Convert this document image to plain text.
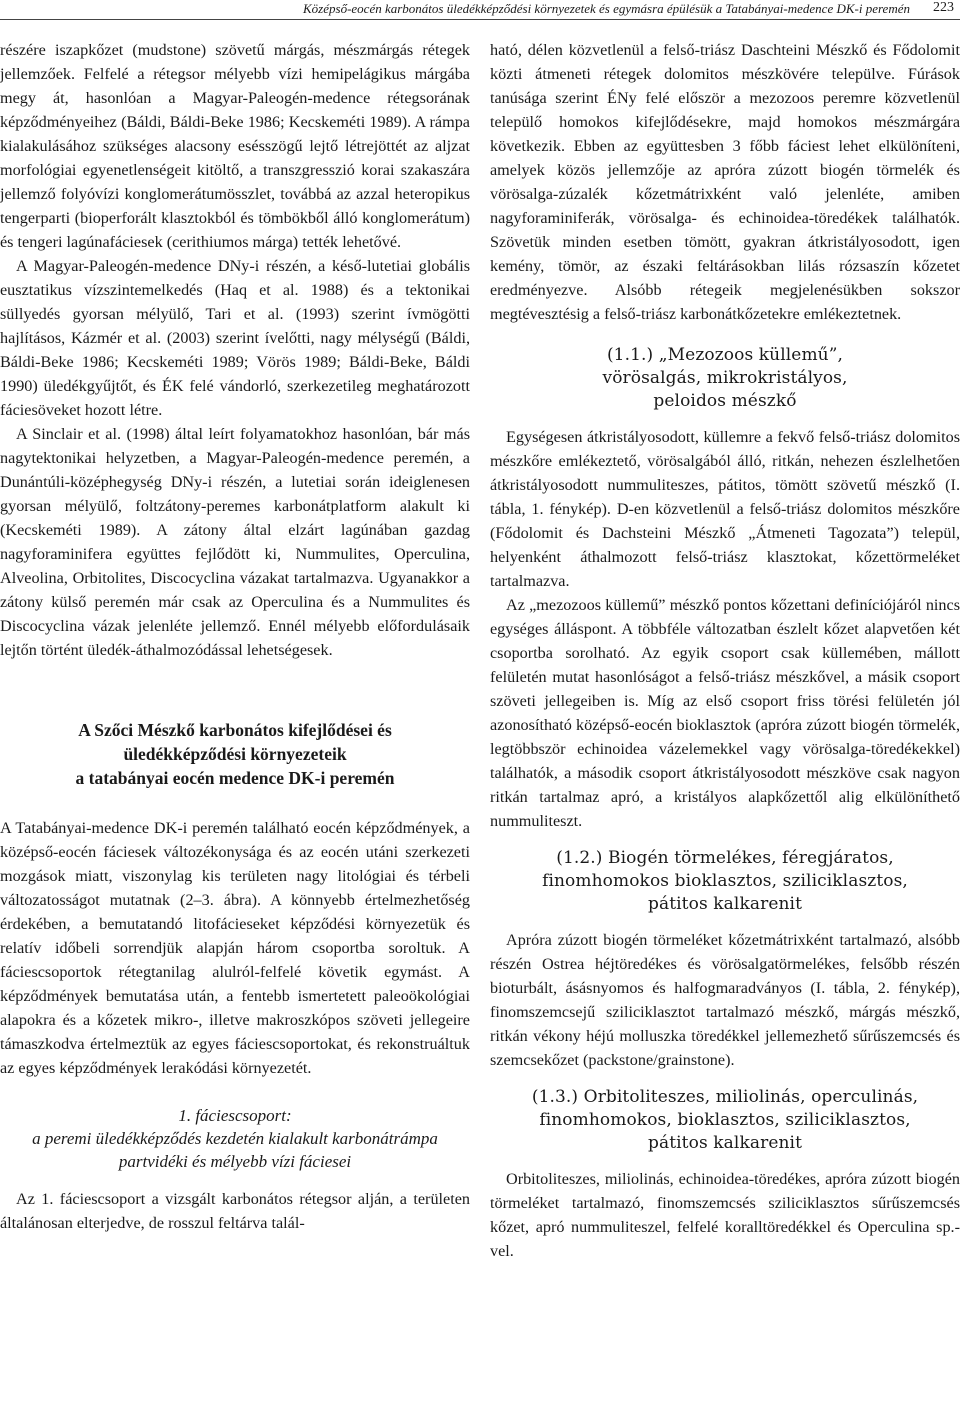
Középső-eocén karbonátos üledékképződési környezetek és egymásra épülésük a Tatabányai-medence DK-i peremén 223

részére iszapkőzet (mudstone) szövetű márgás, mészmárgás rétegek jellemzőek. Felfelé a rétegsor mélyebb vízi hemipelágikus márgába megy át, hasonlóan a Magyar-Paleogén-medence rétegsorának képződményeihez (Báldi, Báldi-Beke 1986; Kecskeméti 1989). A rámpa kialakulásához szükséges alacsony esésszögű lejtő létrejöttét az aljzat morfológiai egyenetlenségeit kitöltő, a transzgresszió korai szakaszára jellemző folyóvízi konglomerátumösszlet, továbbá az azzal heteropikus tengerparti (bioperforált klasztokból és tömbökből álló konglomerátum) és tengeri lagúnafáciesek (cerithiumos márga) tették lehetővé.

A Magyar-Paleogén-medence DNy-i részén, a késő-lutetiai globális eusztatikus vízszintemelkedés (Haq et al. 1988) és a tektonikai süllyedés gyorsan mélyülő, Tari et al. (1993) szerint ívmögötti hajlításos, Kázmér et al. (2003) szerint ívelőtti, nagy mélységű (Báldi, Báldi-Beke 1986; Kecskeméti 1989; Vörös 1989; Báldi-Beke, Báldi 1990) üledékgyűjtőt, és ÉK felé vándorló, szerkezetileg meghatározott fáciesöveket hozott létre.

A Sinclair et al. (1998) által leírt folyamatokhoz hasonlóan, bár más nagytektonikai helyzetben, a Magyar-Paleogén-medence peremén, a Dunántúli-középhegység DNy-i részén, a lutetiai során ideiglenesen gyorsan mélyülő, foltzátony-peremes karbonátplatform alakult ki (Kecskeméti 1989). A zátony által elzárt lagúnában gazdag nagyforaminifera együttes fejlődött ki, Nummulites, Operculina, Alveolina, Orbitolites, Discocyclina vázakat tartalmazva. Ugyanakkor a zátony külső peremén már csak az Operculina és a Nummulites és Discocyclina vázak jelenléte jellemző. Ennél mélyebb előfordulásaik lejtőn történt üledék-áthalmozódással lehetségesek.

A Szőci Mészkő karbonátos kifejlődései és
üledékképződési környezeteik
a tatabányai eocén medence DK-i peremén

A Tatabányai-medence DK-i peremén található eocén képződmények, a középső-eocén fáciesek változékonysága és az eocén utáni szerkezeti mozgások miatt, viszonylag kis területen nagy litológiai és térbeli változatosságot mutatnak (2–3. ábra). A könnyebb értelmezhetőség érdekében, a bemutatandó litofácieseket képződési környezetük és relatív időbeli sorrendjük alapján három csoportba soroltuk. A fáciescsoportok rétegtanilag alulról-felfelé követik egymást. A képződmények bemutatása után, a fentebb ismertetett paleoökológiai alapokra és a kőzetek mikro-, illetve makroszkópos szöveti jellegeire támaszkodva értelmeztük az egyes fáciescsoportokat, és rekonstruáltuk az egyes képződmények lerakódási környezetét.

1. fáciescsoport:
a peremi üledékképződés kezdetén kialakult karbonátrámpa partvidéki és mélyebb vízi fáciesei

Az 1. fáciescsoport a vizsgált karbonátos rétegsor alján, a területen általánosan elterjedve, de rosszul feltárva talál-

ható, délen közvetlenül a felső-triász Daschteini Mészkő és Fődolomit közti átmeneti rétegek dolomitos mészkövére települve. Fúrások tanúsága szerint ÉNy felé először a mezozoos peremre közvetlenül települő homokos kifejlődésekre, majd homokos mészmárgára következik. Ebben az együttesben 3 főbb fáciest lehet elkülöníteni, amelyek közös jellemzője az apróra zúzott biogén törmelék és vörösalga-zúzalék kőzetmátrixként való jelenléte, amiben nagyforaminiferák, vörösalga- és echinoidea-töredékek találhatók. Szövetük minden esetben tömött, gyakran átkristályosodott, igen kemény, tömör, az északi feltárásokban lilás rózsaszín kőzetet eredményezve. Alsóbb rétegeik megjelenésükben sokszor megtévesztésig a felső-triász karbonátkőzetekre emlékeztetnek.

(1.1.) „Mezozoos küllemű”,
vörösalgás, mikrokristályos,
peloidos mészkő

Egységesen átkristályosodott, küllemre a fekvő felső-triász dolomitos mészkőre emlékeztető, vörösalgából álló, ritkán, nehezen észlelhetően átkristályosodott nummuliteszes, pátitos, tömött szövetű mészkő (I. tábla, 1. fénykép). D-en közvetlenül a felső-triász dolomitos mészkőre (Fődolomit és Dachsteini Mészkő „Átmeneti Tagozata”) települ, helyenként áthalmozott felső-triász klasztokat, kőzettörmeléket tartalmazva.

Az „mezozoos küllemű” mészkő pontos kőzettani definíciójáról nincs egységes álláspont. A többféle változatban észlelt kőzet alapvetően két csoportba sorolható. Az egyik csoport csak küllemében, mállott felületén mutat hasonlóságot a felső-triász mészkővel, a másik csoport szöveti jellegeiben is. Míg az első csoport friss törési felületén jól azonosítható középső-eocén bioklasztok (apróra zúzott biogén törmelék, legtöbbször echinoidea vázelemekkel vagy vörösalga-töredékekkel) találhatók, a második csoport átkristályosodott mészköve csak nagyon ritkán tartalmaz apró, a kristályos alapkőzettől alig elkülöníthető nummuliteszt.

(1.2.) Biogén törmelékes, féregjáratos,
finomhomokos bioklasztos, sziliciklasztos,
pátitos kalkarenit

Apróra zúzott biogén törmeléket kőzetmátrixként tartalmazó, alsóbb részén Ostrea héjtöredékes és vörösalgatörmelékes, felsőbb részén bioturbált, ásásnyomos és halfogmaradványos (I. tábla, 2. fénykép), finomszemcsejű sziliciklasztot tartalmazó mészkő, márgás mészkő, ritkán vékony héjú molluszka töredékkel jellemezhető sűrűszemcsés és szemcsekőzet (packstone/grainstone).

(1.3.) Orbitoliteszes, miliolinás, operculinás,
finomhomokos, bioklasztos, sziliciklasztos,
pátitos kalkarenit

Orbitoliteszes, miliolinás, echinoidea-töredékes, apróra zúzott biogén törmeléket tartalmazó, finomszemcsés sziliciklasztos sűrűszemcsés kőzet, apró nummuliteszel, felfelé koralltöredékkel és Operculina sp.-vel.
